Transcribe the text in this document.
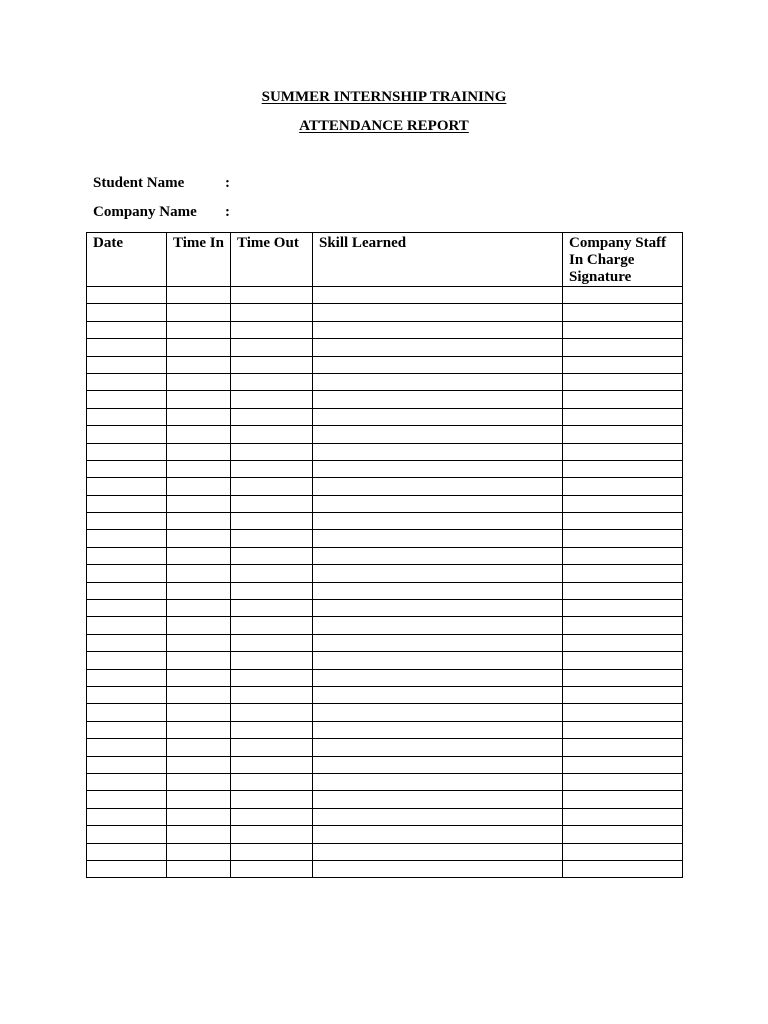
SUMMER INTERNSHIP TRAINING
ATTENDANCE REPORT
Student Name	:
Company Name :
Date	Time In	Time Out	Skill Learned	Company Staff In Charge Signature
